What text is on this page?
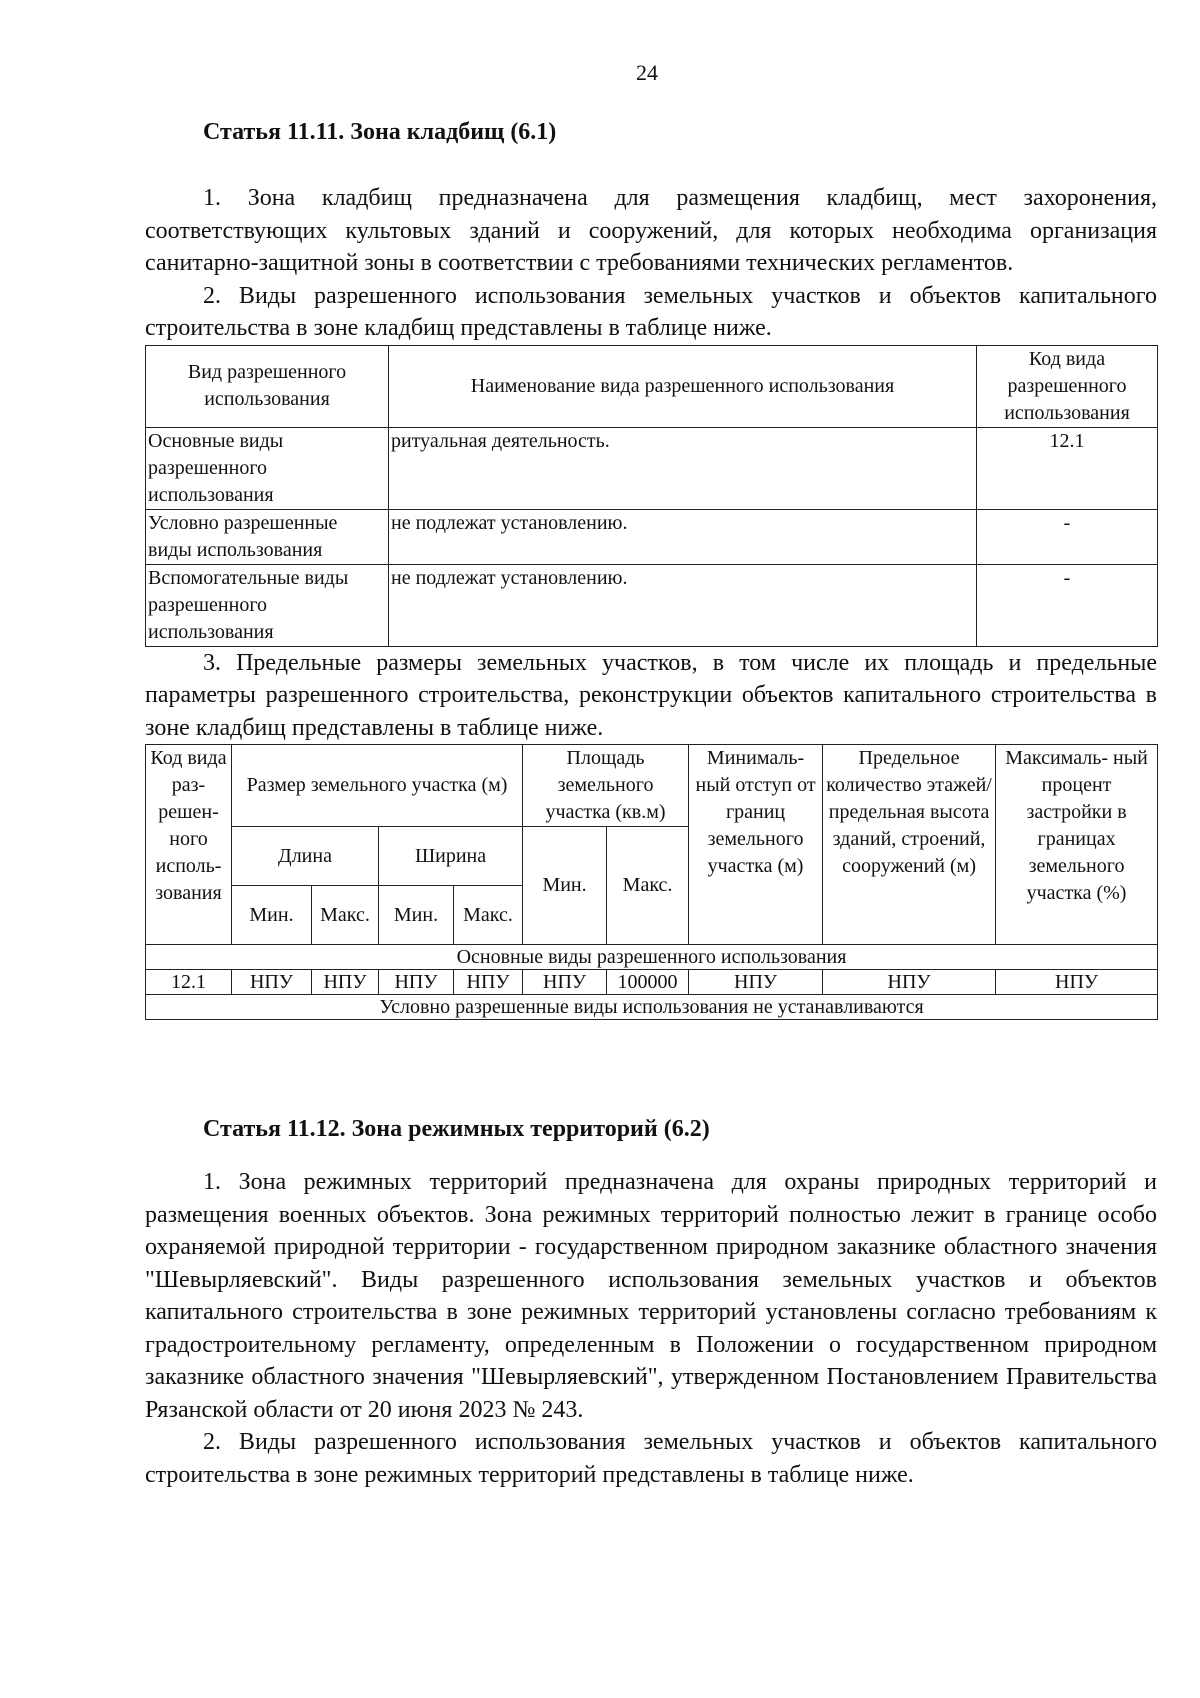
24
Статья 11.11. Зона кладбищ (6.1)

1. Зона кладбищ предназначена для размещения кладбищ, мест захоронения, соответствующих культовых зданий и сооружений, для которых необходима организация санитарно-защитной зоны в соответствии с требованиями технических регламентов.

2. Виды разрешенного использования земельных участков и объектов капитального строительства в зоне кладбищ представлены в таблице ниже.

Вид разрешенного использования	Наименование вида разрешенного использования	Код вида разрешенного использования
Основные виды разрешенного использования	ритуальная деятельность.	12.1
Условно разрешенные виды использования	не подлежат установлению.	-
Вспомогательные виды разрешенного использования	не подлежат установлению.	-

3. Предельные размеры земельных участков, в том числе их площадь и предельные параметры разрешенного строительства, реконструкции объектов капитального строительства в зоне кладбищ представлены в таблице ниже.

Код вида раз- решен- ного исполь- зования	Размер земельного участка (м)				Площадь земельного участка (кв.м)		Минималь- ный отступ от границ земельного участка (м)	Предельное количество этажей/ предельная высота зданий, строений, сооружений (м)	Максималь- ный процент застройки в границах земельного участка (%)
	Длина		Ширина		Мин.	Макс.			
	Мин.	Макс.	Мин.	Макс.					
Основные виды разрешенного использования									
12.1	НПУ	НПУ	НПУ	НПУ	НПУ	100000	НПУ	НПУ	НПУ
Условно разрешенные виды использования не устанавливаются									
Статья 11.12. Зона режимных территорий (6.2)

1. Зона режимных территорий предназначена для охраны природных территорий и размещения военных объектов. Зона режимных территорий полностью лежит в границе особо охраняемой природной территории - государственном природном заказнике областного значения "Шевырляевский". Виды разрешенного использования земельных участков и объектов капитального строительства в зоне режимных территорий установлены согласно требованиям к градостроительному регламенту, определенным в Положении о государственном природном заказнике областного значения "Шевырляевский", утвержденном Постановлением Правительства Рязанской области от 20 июня 2023 № 243.

2. Виды разрешенного использования земельных участков и объектов капитального строительства в зоне режимных территорий представлены в таблице ниже.
